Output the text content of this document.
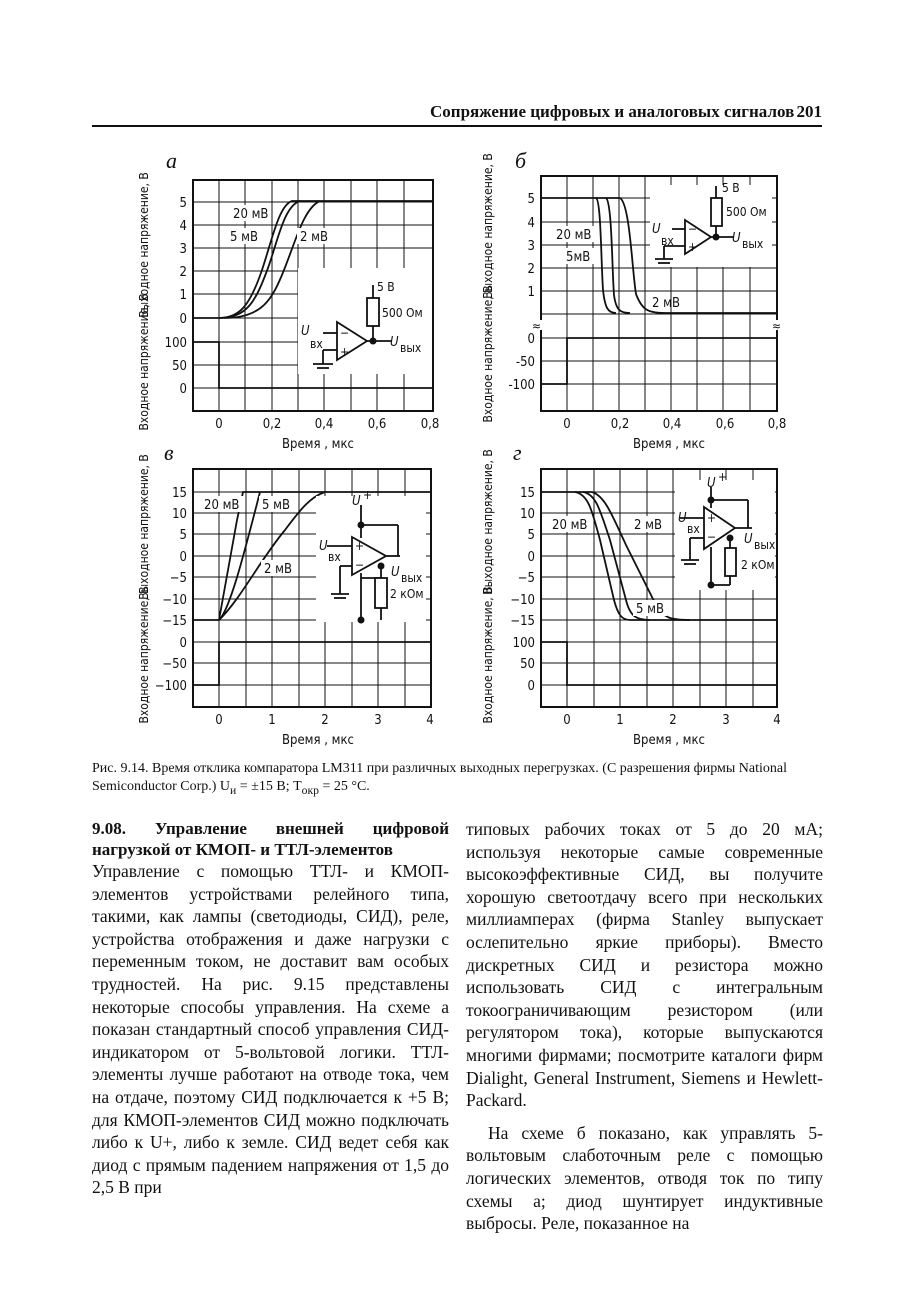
Сопряжение цифровых и аналоговых сигналов 201
а
5
4
3
2
1
0
100
50
0
0	0,2	0,4	0,6	0,8
Время , мкс
Выходное напряжение, В
Входное напряжение, В
20 мВ
5 мВ	2 мВ
−
+
5 В
500 Ом
U
вх	U вых
б
≈	≈
5
4
3
2
1
0
-50
-100
0	0,2	0,4	0,6	0,8
Время , мкс
Выходное напряжение, В
Входное напряжение, В
20 мВ
5мВ
2 мВ
−
+
5 В
500 Ом
U
вх	U вых
в
15
10
5
0
−5
−10
−15
0
−50
−100
0	1	2	3	4
Время , мкс
Выходное напряжение, В
Входное напряжение, В
20 мВ 5 мВ
2 мВ
+
−
U +
2 кОм
U
вх
U вых
г
15
10
5
0
−5
−10
−15
100
50
0
0	1	2	3	4
Время , мкс
Выходное напряжение, В
Входное напряжение, В
20 мВ	2 мВ
5 мВ
+
−
U +
2 кОм
U
вх
U вых
Рис. 9.14. Время отклика компаратора LM311 при различных выходных перегрузках. (С разрешения фирмы National Semiconductor Corp.) $U_и = \pm 15$ В; $T_{окр} = 25$ °С.

9.08. Управление внешней цифровой нагрузкой от КМОП- и ТТЛ-элементов

Управление с помощью ТТЛ- и КМОП-элементов устройствами релейного типа, такими, как лампы (светодиоды, СИД), реле, устройства отображения и даже нагрузки с переменным током, не доставит вам особых трудностей. На рис. 9.15 представлены некоторые способы управления. На схеме а показан стандартный способ управления СИД-индикатором от 5-вольтовой логики. ТТЛ-элементы лучше работают на отводе тока, чем на отдаче, поэтому СИД подключается к +5 В; для КМОП-элементов СИД можно подключать либо к U+, либо к земле. СИД ведет себя как диод с прямым падением напряжения от 1,5 до 2,5 В при

типовых рабочих токах от 5 до 20 мА; используя некоторые самые современные высокоэффективные СИД, вы получите хорошую светоотдачу всего при нескольких миллиамперах (фирма Stanley выпускает ослепительно яркие приборы). Вместо дискретных СИД и резистора можно использовать СИД с интегральным токоограничивающим резистором (или регулятором тока), которые выпускаются многими фирмами; посмотрите каталоги фирм Dialight, General Instrument, Siemens и Hewlett-Packard.

На схеме б показано, как управлять 5-вольтовым слаботочным реле с помощью логических элементов, отводя ток по типу схемы а; диод шунтирует индуктивные выбросы. Реле, показанное на
